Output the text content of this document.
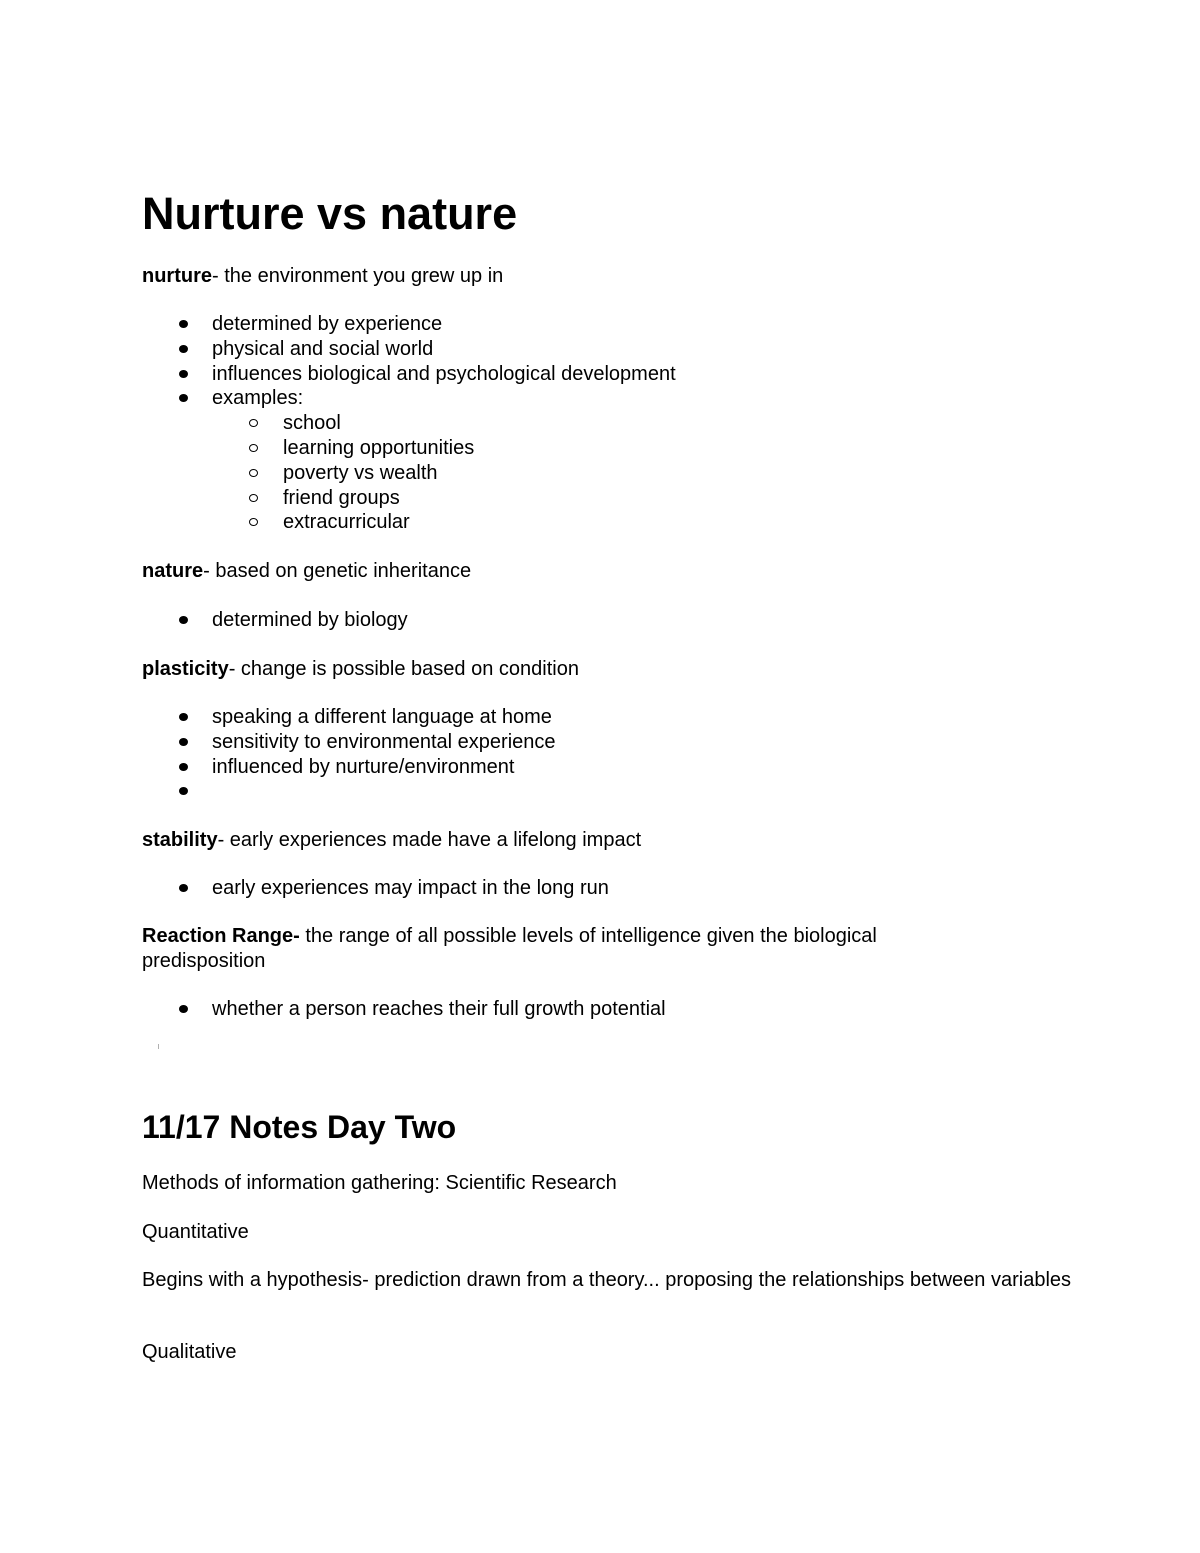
Nurture vs nature
nurture- the environment you grew up in
determined by experience
physical and social world
influences biological and psychological development
examples:
school
learning opportunities
poverty vs wealth
friend groups
extracurricular
nature- based on genetic inheritance
determined by biology
plasticity- change is possible based on condition
speaking a different language at home
sensitivity to environmental experience
influenced by nurture/environment
stability- early experiences made have a lifelong impact
early experiences may impact in the long run
Reaction Range- the range of all possible levels of intelligence given the biological predisposition
whether a person reaches their full growth potential
11/17 Notes Day Two
Methods of information gathering: Scientific Research
Quantitative
Begins with a hypothesis- prediction drawn from a theory... proposing the relationships between variables
Qualitative
